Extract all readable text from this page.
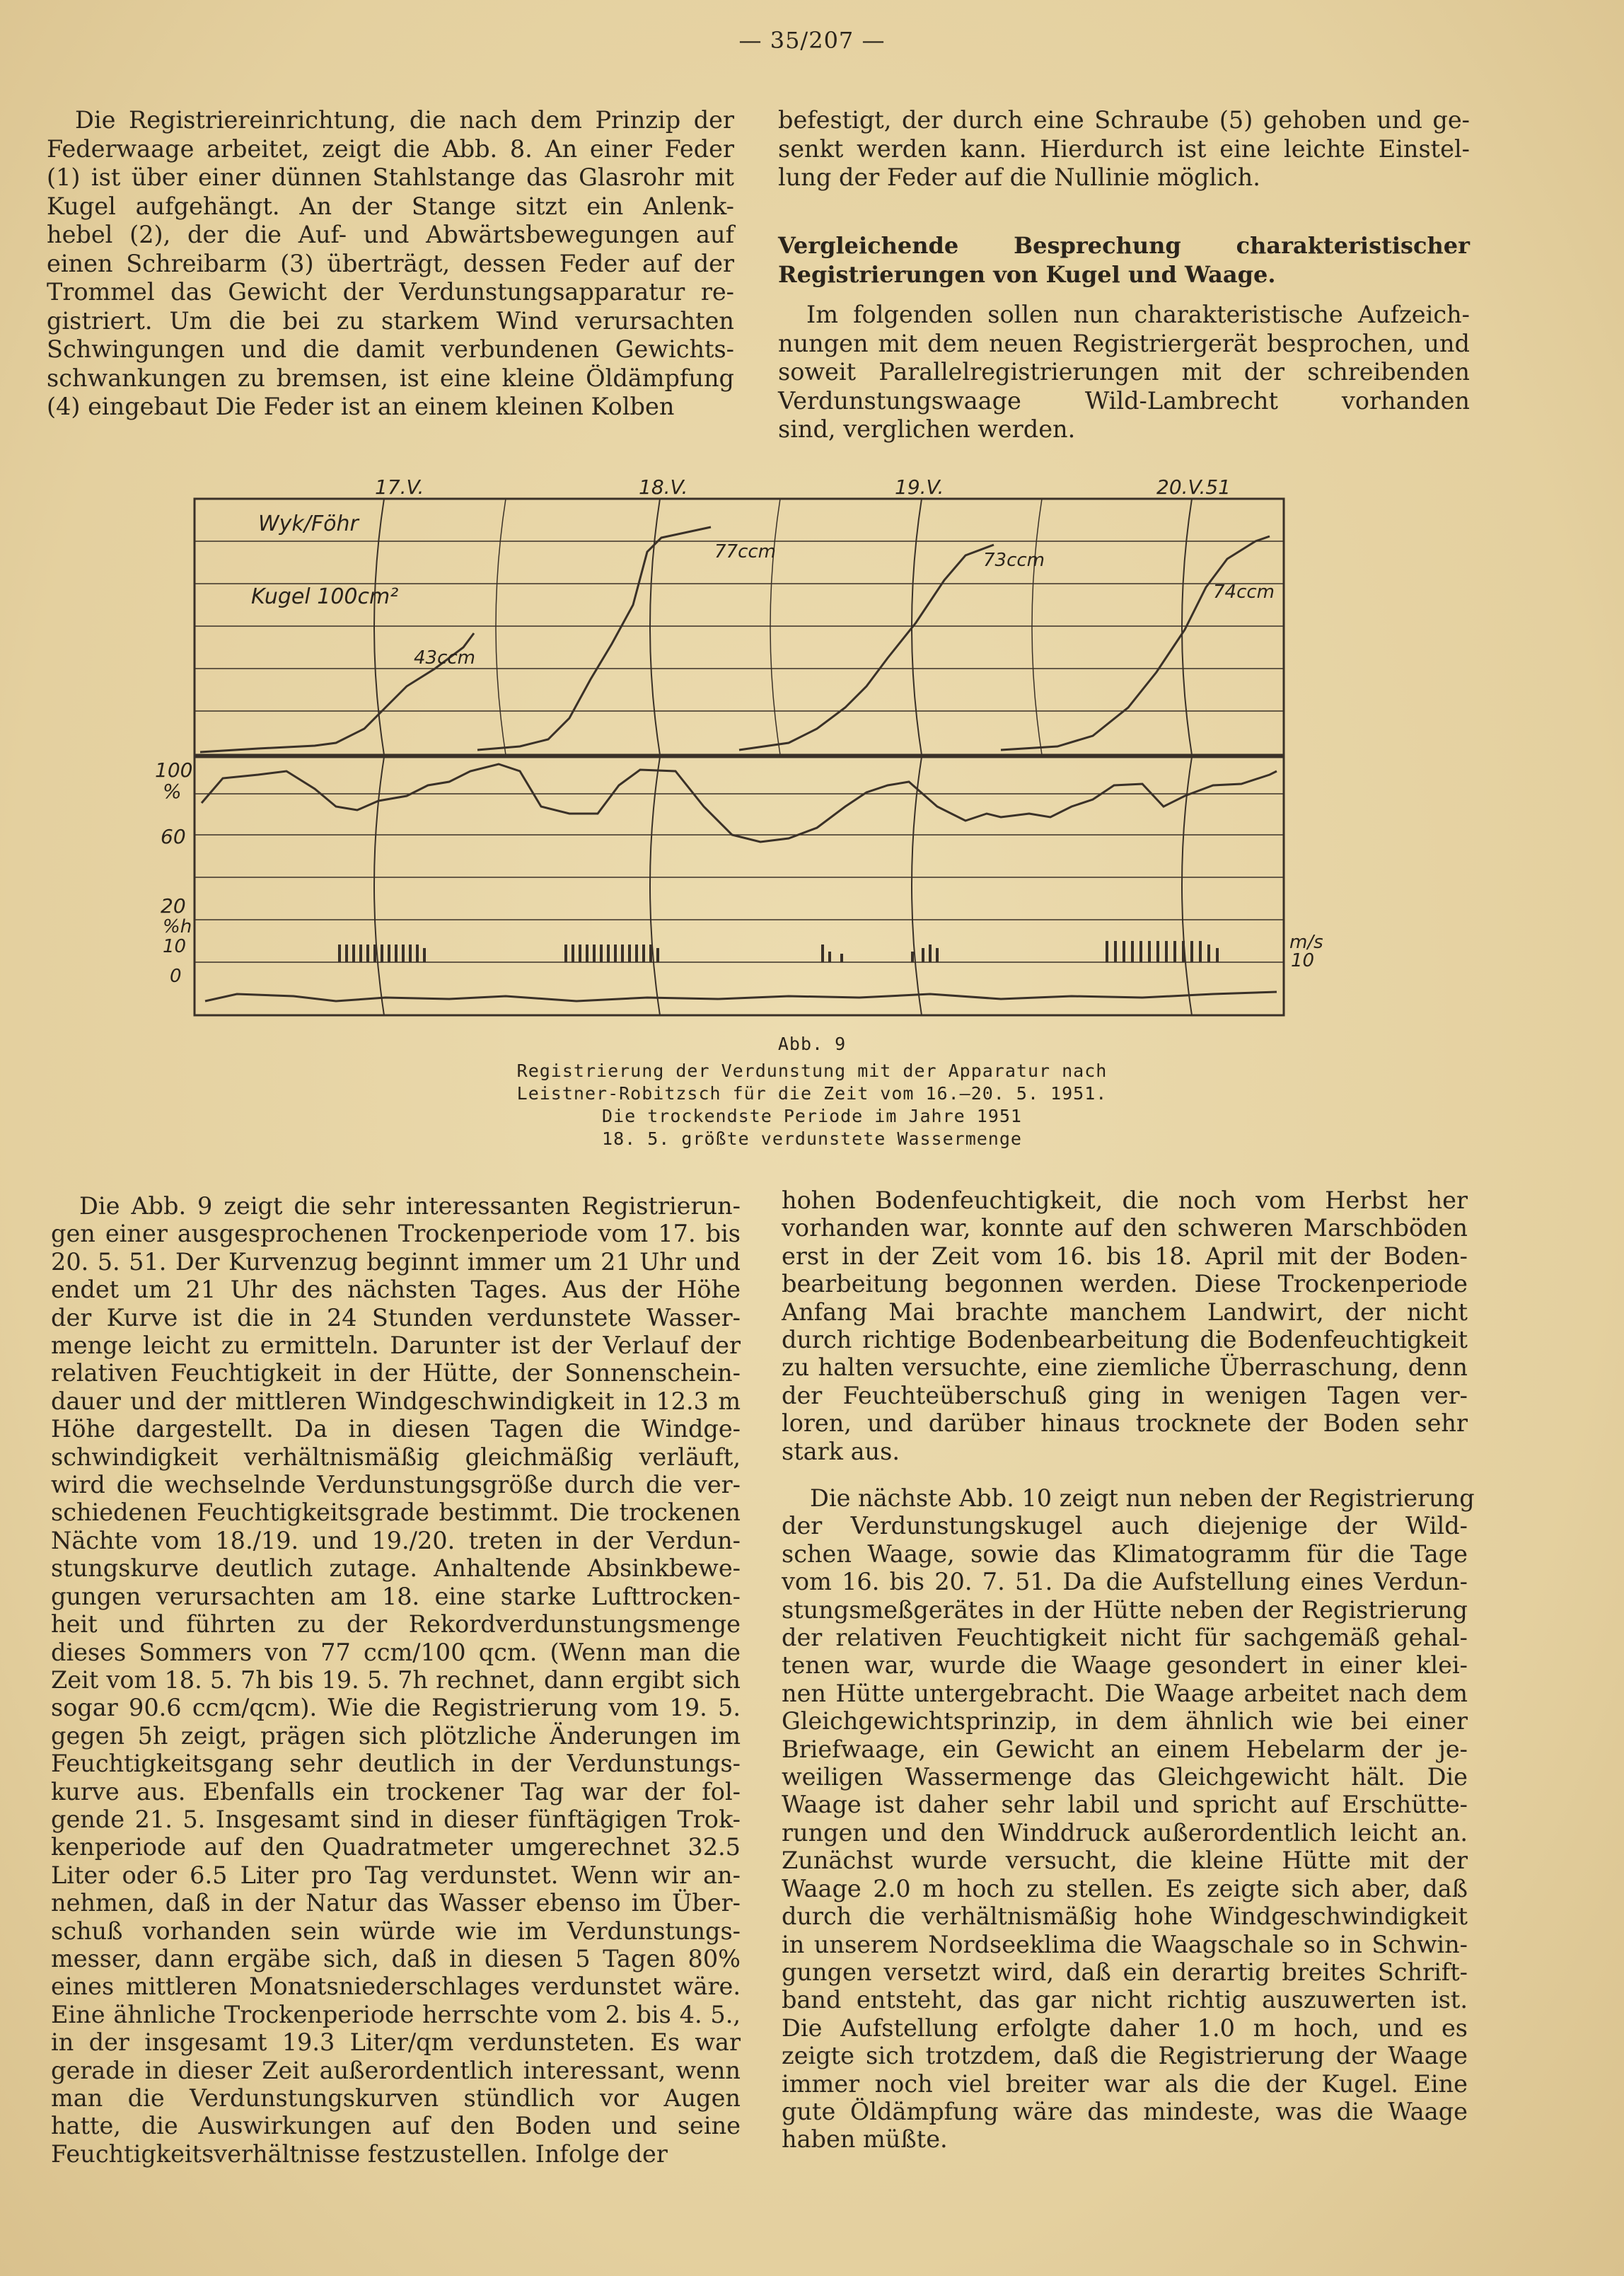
— 35/207 —
Die Registriereinrichtung, die nach dem Prinzip der
Federwaage arbeitet, zeigt die Abb. 8. An einer Feder
(1) ist über einer dünnen Stahlstange das Glasrohr mit
Kugel aufgehängt. An der Stange sitzt ein Anlenk-
hebel (2), der die Auf- und Abwärtsbewegungen auf
einen Schreibarm (3) überträgt, dessen Feder auf der
Trommel das Gewicht der Verdunstungsapparatur re-
gistriert. Um die bei zu starkem Wind verursachten
Schwingungen und die damit verbundenen Gewichts-
schwankungen zu bremsen, ist eine kleine Öldämpfung
(4) eingebaut Die Feder ist an einem kleinen Kolben
befestigt, der durch eine Schraube (5) gehoben und ge-
senkt werden kann. Hierdurch ist eine leichte Einstel-
lung der Feder auf die Nullinie möglich.
Vergleichende Besprechung charakteristischer
Registrierungen von Kugel und Waage.
Im folgenden sollen nun charakteristische Aufzeich-
nungen mit dem neuen Registriergerät besprochen, und
soweit Parallelregistrierungen mit der schreibenden
Verdunstungswaage Wild-Lambrecht vorhanden
sind, verglichen werden.
17.V.	18.V.	19.V.	20.V.51
Wyk/Föhr
Kugel 100cm²
43ccm
77ccm	73ccm
74ccm
100
%
60
20
%h
10
0
m/s
10
Abb. 9
Registrierung der Verdunstung mit der Apparatur nach
Leistner-Robitzsch für die Zeit vom 16.—20. 5. 1951.
Die trockendste Periode im Jahre 1951
18. 5. größte verdunstete Wassermenge
Die Abb. 9 zeigt die sehr interessanten Registrierun-
gen einer ausgesprochenen Trockenperiode vom 17. bis
20. 5. 51. Der Kurvenzug beginnt immer um 21 Uhr und
endet um 21 Uhr des nächsten Tages. Aus der Höhe
der Kurve ist die in 24 Stunden verdunstete Wasser-
menge leicht zu ermitteln. Darunter ist der Verlauf der
relativen Feuchtigkeit in der Hütte, der Sonnenschein-
dauer und der mittleren Windgeschwindigkeit in 12.3 m
Höhe dargestellt. Da in diesen Tagen die Windge-
schwindigkeit verhältnismäßig gleichmäßig verläuft,
wird die wechselnde Verdunstungsgröße durch die ver-
schiedenen Feuchtigkeitsgrade bestimmt. Die trockenen
Nächte vom 18./19. und 19./20. treten in der Verdun-
stungskurve deutlich zutage. Anhaltende Absinkbewe-
gungen verursachten am 18. eine starke Lufttrocken-
heit und führten zu der Rekordverdunstungsmenge
dieses Sommers von 77 ccm/100 qcm. (Wenn man die
Zeit vom 18. 5. 7h bis 19. 5. 7h rechnet, dann ergibt sich
sogar 90.6 ccm/qcm). Wie die Registrierung vom 19. 5.
gegen 5h zeigt, prägen sich plötzliche Änderungen im
Feuchtigkeitsgang sehr deutlich in der Verdunstungs-
kurve aus. Ebenfalls ein trockener Tag war der fol-
gende 21. 5. Insgesamt sind in dieser fünftägigen Trok-
kenperiode auf den Quadratmeter umgerechnet 32.5
Liter oder 6.5 Liter pro Tag verdunstet. Wenn wir an-
nehmen, daß in der Natur das Wasser ebenso im Über-
schuß vorhanden sein würde wie im Verdunstungs-
messer, dann ergäbe sich, daß in diesen 5 Tagen 80%
eines mittleren Monatsniederschlages verdunstet wäre.
Eine ähnliche Trockenperiode herrschte vom 2. bis 4. 5.,
in der insgesamt 19.3 Liter/qm verdunsteten. Es war
gerade in dieser Zeit außerordentlich interessant, wenn
man die Verdunstungskurven stündlich vor Augen
hatte, die Auswirkungen auf den Boden und seine
Feuchtigkeitsverhältnisse festzustellen. Infolge der
hohen Bodenfeuchtigkeit, die noch vom Herbst her
vorhanden war, konnte auf den schweren Marschböden
erst in der Zeit vom 16. bis 18. April mit der Boden-
bearbeitung begonnen werden. Diese Trockenperiode
Anfang Mai brachte manchem Landwirt, der nicht
durch richtige Bodenbearbeitung die Bodenfeuchtigkeit
zu halten versuchte, eine ziemliche Überraschung, denn
der Feuchteüberschuß ging in wenigen Tagen ver-
loren, und darüber hinaus trocknete der Boden sehr
stark aus.
Die nächste Abb. 10 zeigt nun neben der Registrierung
der Verdunstungskugel auch diejenige der Wild-
schen Waage, sowie das Klimatogramm für die Tage
vom 16. bis 20. 7. 51. Da die Aufstellung eines Verdun-
stungsmeßgerätes in der Hütte neben der Registrierung
der relativen Feuchtigkeit nicht für sachgemäß gehal-
tenen war, wurde die Waage gesondert in einer klei-
nen Hütte untergebracht. Die Waage arbeitet nach dem
Gleichgewichtsprinzip, in dem ähnlich wie bei einer
Briefwaage, ein Gewicht an einem Hebelarm der je-
weiligen Wassermenge das Gleichgewicht hält. Die
Waage ist daher sehr labil und spricht auf Erschütte-
rungen und den Winddruck außerordentlich leicht an.
Zunächst wurde versucht, die kleine Hütte mit der
Waage 2.0 m hoch zu stellen. Es zeigte sich aber, daß
durch die verhältnismäßig hohe Windgeschwindigkeit
in unserem Nordseeklima die Waagschale so in Schwin-
gungen versetzt wird, daß ein derartig breites Schrift-
band entsteht, das gar nicht richtig auszuwerten ist.
Die Aufstellung erfolgte daher 1.0 m hoch, und es
zeigte sich trotzdem, daß die Registrierung der Waage
immer noch viel breiter war als die der Kugel. Eine
gute Öldämpfung wäre das mindeste, was die Waage
haben müßte.
